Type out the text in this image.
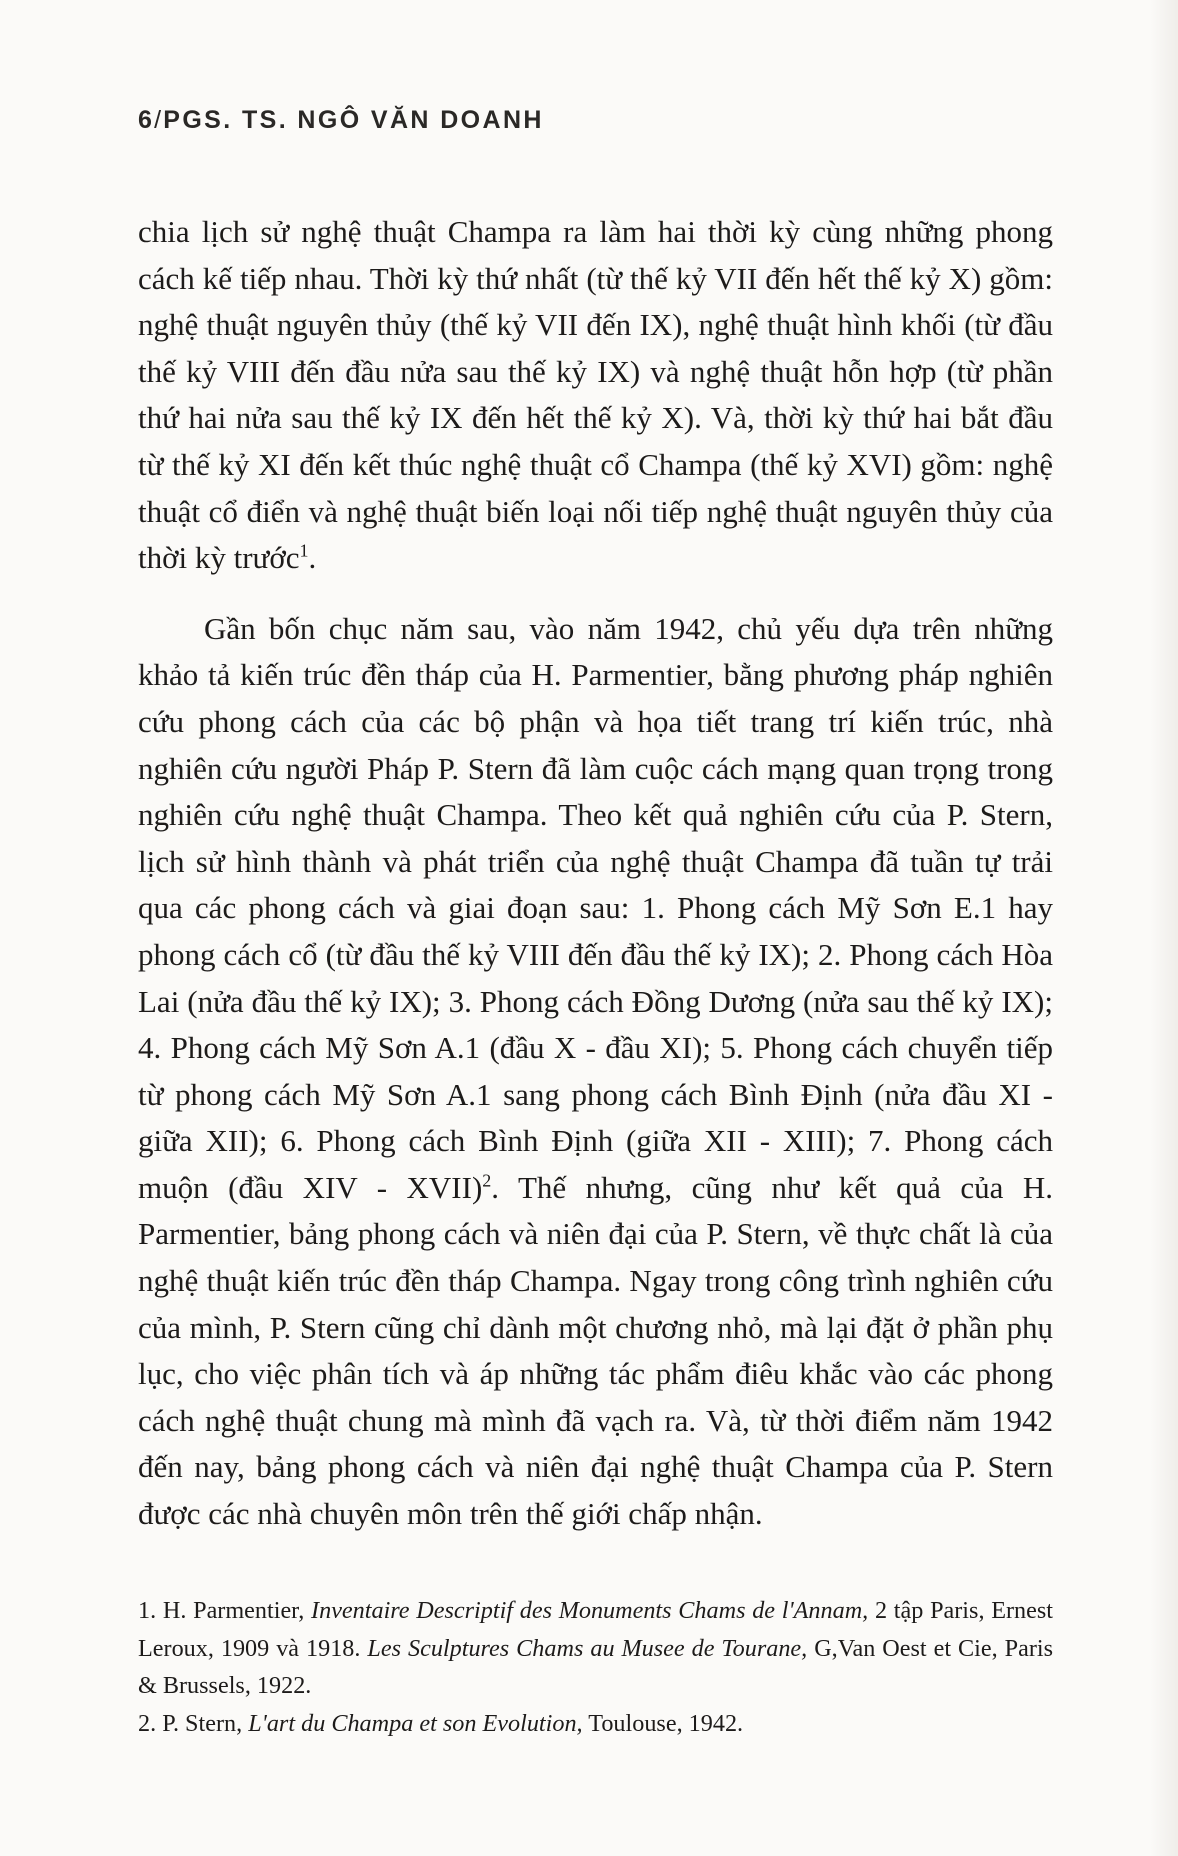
6/PGS. TS. NGÔ VĂN DOANH

chia lịch sử nghệ thuật Champa ra làm hai thời kỳ cùng những phong cách kế tiếp nhau. Thời kỳ thứ nhất (từ thế kỷ VII đến hết thế kỷ X) gồm: nghệ thuật nguyên thủy (thế kỷ VII đến IX), nghệ thuật hình khối (từ đầu thế kỷ VIII đến đầu nửa sau thế kỷ IX) và nghệ thuật hỗn hợp (từ phần thứ hai nửa sau thế kỷ IX đến hết thế kỷ X). Và, thời kỳ thứ hai bắt đầu từ thế kỷ XI đến kết thúc nghệ thuật cổ Champa (thế kỷ XVI) gồm: nghệ thuật cổ điển và nghệ thuật biến loại nối tiếp nghệ thuật nguyên thủy của thời kỳ trước$^1$.

Gần bốn chục năm sau, vào năm 1942, chủ yếu dựa trên những khảo tả kiến trúc đền tháp của H. Parmentier, bằng phương pháp nghiên cứu phong cách của các bộ phận và họa tiết trang trí kiến trúc, nhà nghiên cứu người Pháp P. Stern đã làm cuộc cách mạng quan trọng trong nghiên cứu nghệ thuật Champa. Theo kết quả nghiên cứu của P. Stern, lịch sử hình thành và phát triển của nghệ thuật Champa đã tuần tự trải qua các phong cách và giai đoạn sau: 1. Phong cách Mỹ Sơn E.1 hay phong cách cổ (từ đầu thế kỷ VIII đến đầu thế kỷ IX); 2. Phong cách Hòa Lai (nửa đầu thế kỷ IX); 3. Phong cách Đồng Dương (nửa sau thế kỷ IX); 4. Phong cách Mỹ Sơn A.1 (đầu X - đầu XI); 5. Phong cách chuyển tiếp từ phong cách Mỹ Sơn A.1 sang phong cách Bình Định (nửa đầu XI - giữa XII); 6. Phong cách Bình Định (giữa XII - XIII); 7. Phong cách muộn (đầu XIV - XVII)$^2$. Thế nhưng, cũng như kết quả của H. Parmentier, bảng phong cách và niên đại của P. Stern, về thực chất là của nghệ thuật kiến trúc đền tháp Champa. Ngay trong công trình nghiên cứu của mình, P. Stern cũng chỉ dành một chương nhỏ, mà lại đặt ở phần phụ lục, cho việc phân tích và áp những tác phẩm điêu khắc vào các phong cách nghệ thuật chung mà mình đã vạch ra. Và, từ thời điểm năm 1942 đến nay, bảng phong cách và niên đại nghệ thuật Champa của P. Stern được các nhà chuyên môn trên thế giới chấp nhận.

1. H. Parmentier, Inventaire Descriptif des Monuments Chams de l'Annam, 2 tập Paris, Ernest Leroux, 1909 và 1918. Les Sculptures Chams au Musee de Tourane, G,Van Oest et Cie, Paris & Brussels, 1922.

2. P. Stern, L'art du Champa et son Evolution, Toulouse, 1942.
